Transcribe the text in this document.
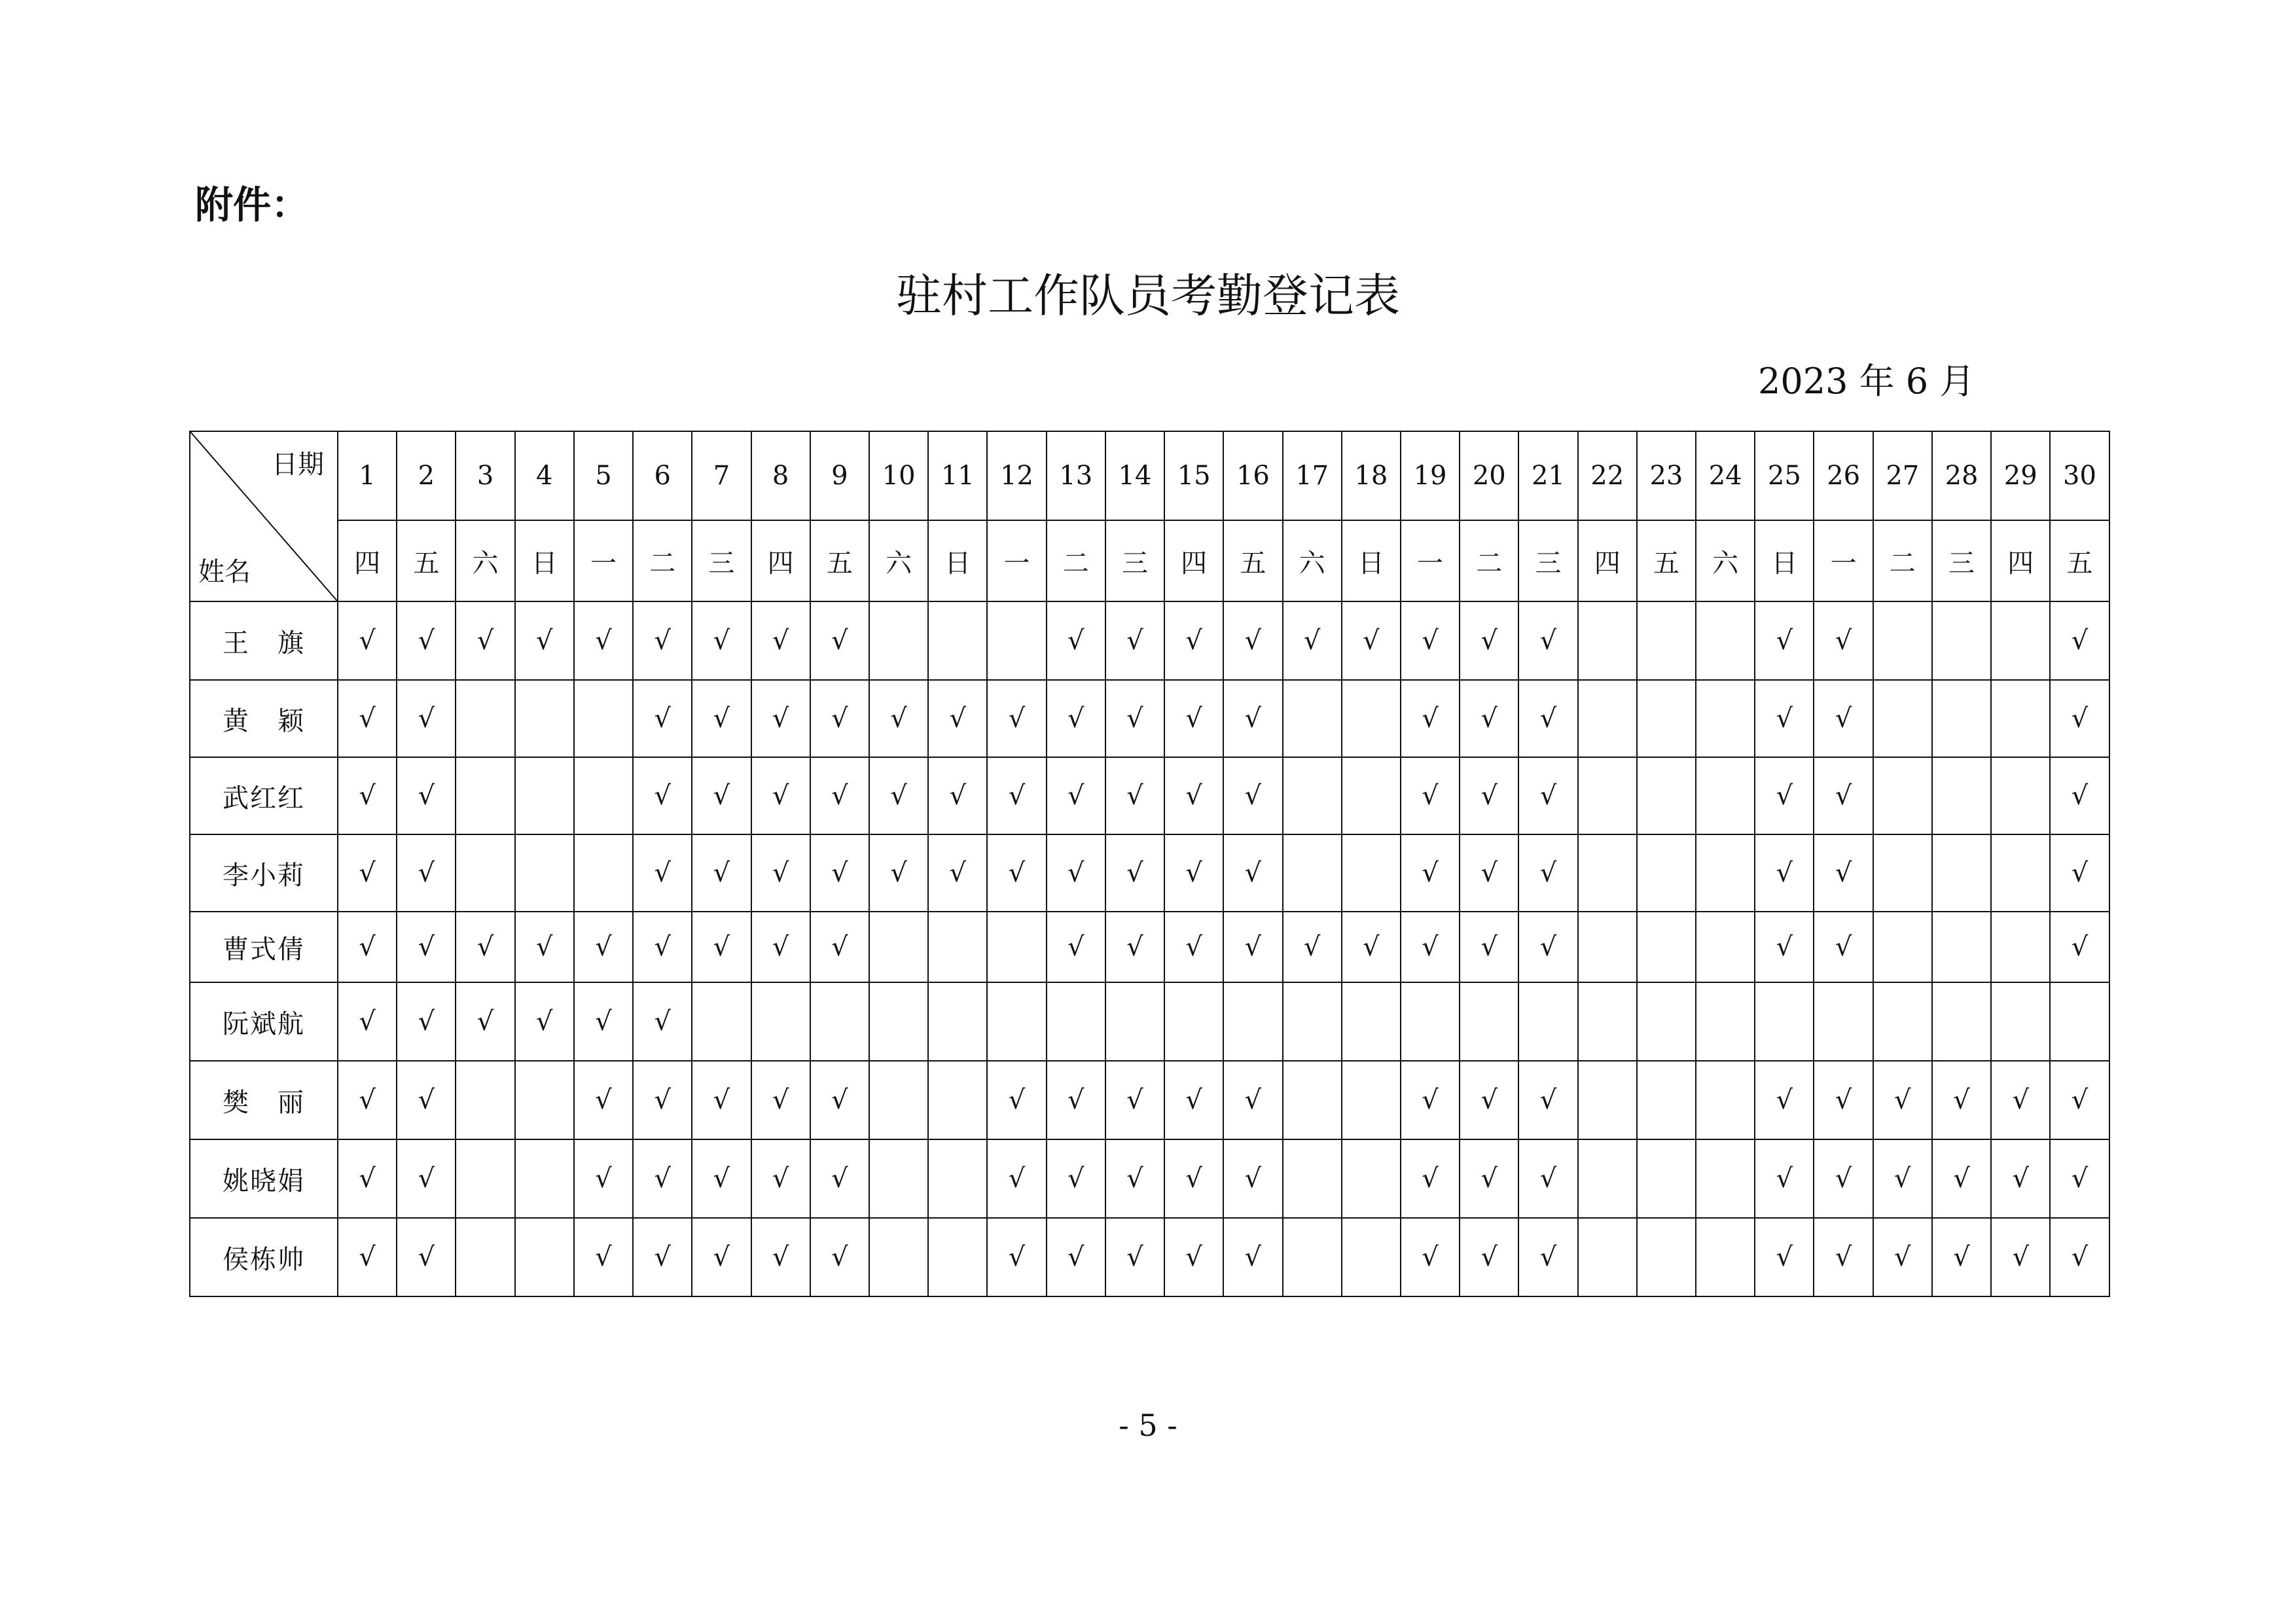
附件：
驻村工作队员考勤登记表
2023 年 6 月
日期
姓名	1	2	3	4	5	6	7	8	9	10	11	12	13	14	15	16	17	18	19	20	21	22	23	24	25	26	27	28	29	30
	四	五	六	日	一	二	三	四	五	六	日	一	二	三	四	五	六	日	一	二	三	四	五	六	日	一	二	三	四	五
王　旗	√	√	√	√	√	√	√	√	√				√	√	√	√	√	√	√	√	√				√	√				√
黄　颖	√	√				√	√	√	√	√	√	√	√	√	√	√			√	√	√				√	√				√
武红红	√	√				√	√	√	√	√	√	√	√	√	√	√			√	√	√				√	√				√
李小莉	√	√				√	√	√	√	√	√	√	√	√	√	√			√	√	√				√	√				√
曹式倩	√	√	√	√	√	√	√	√	√				√	√	√	√	√	√	√	√	√				√	√				√
阮斌航	√	√	√	√	√	√																								
樊　丽	√	√			√	√	√	√	√			√	√	√	√	√			√	√	√				√	√	√	√	√	√
姚晓娟	√	√			√	√	√	√	√			√	√	√	√	√			√	√	√				√	√	√	√	√	√
侯栋帅	√	√			√	√	√	√	√			√	√	√	√	√			√	√	√				√	√	√	√	√	√
- 5 -
